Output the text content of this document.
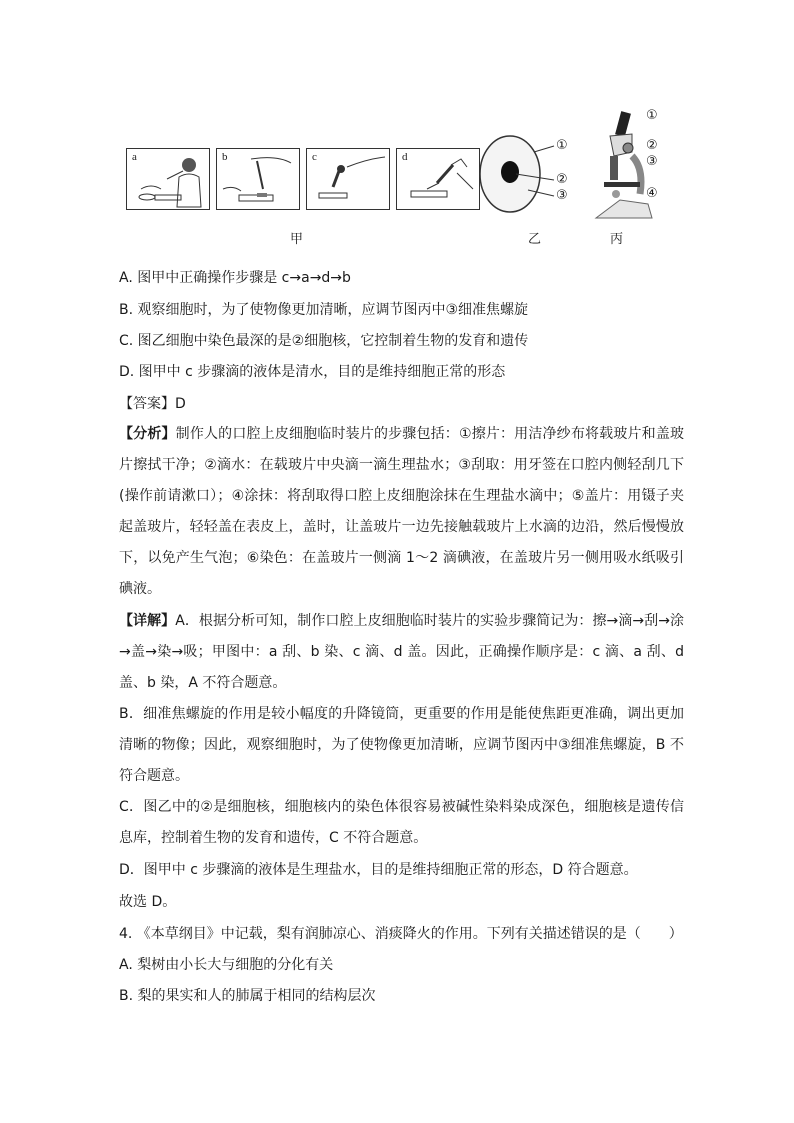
a	b	c	d
①
②
③
①
②
③
④
甲	乙	丙
A. 图甲中正确操作步骤是 c→a→d→b
B. 观察细胞时，为了使物像更加清晰，应调节图丙中③细准焦螺旋
C. 图乙细胞中染色最深的是②细胞核，它控制着生物的发育和遗传
D. 图甲中 c 步骤滴的液体是清水，目的是维持细胞正常的形态
【答案】D
【分析】制作人的口腔上皮细胞临时装片的步骤包括：①擦片：用洁净纱布将载玻片和盖玻片擦拭干净；②滴水：在载玻片中央滴一滴生理盐水；③刮取：用牙签在口腔内侧轻刮几下(操作前请漱口）；④涂抹：将刮取得口腔上皮细胞涂抹在生理盐水滴中；⑤盖片：用镊子夹起盖玻片，轻轻盖在表皮上，盖时，让盖玻片一边先接触载玻片上水滴的边沿，然后慢慢放下，以免产生气泡；⑥染色：在盖玻片一侧滴 1～2 滴碘液，在盖玻片另一侧用吸水纸吸引碘液。
【详解】A．根据分析可知，制作口腔上皮细胞临时装片的实验步骤简记为：擦→滴→刮→涂→盖→染→吸；甲图中：a 刮、b 染、c 滴、d 盖。因此，正确操作顺序是：c 滴、a 刮、d 盖、b 染，A 不符合题意。
B．细准焦螺旋的作用是较小幅度的升降镜筒，更重要的作用是能使焦距更准确，调出更加清晰的物像；因此，观察细胞时，为了使物像更加清晰，应调节图丙中③细准焦螺旋，B 不符合题意。
C．图乙中的②是细胞核，细胞核内的染色体很容易被碱性染料染成深色，细胞核是遗传信息库，控制着生物的发育和遗传，C 不符合题意。
D．图甲中 c 步骤滴的液体是生理盐水，目的是维持细胞正常的形态，D 符合题意。
故选 D。
4. 《本草纲目》中记载，梨有润肺凉心、消痰降火的作用。下列有关描述错误的是（　　）
A. 梨树由小长大与细胞的分化有关
B. 梨的果实和人的肺属于相同的结构层次
